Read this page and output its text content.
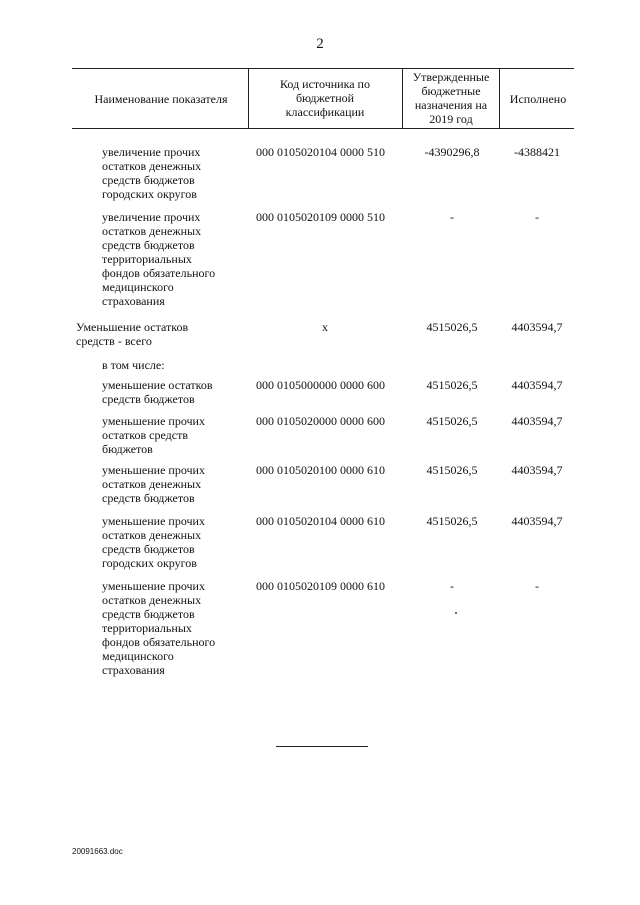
2
Наименование показателя
Код источника по бюджетной классификации
Утвержденные бюджетные назначения на 2019 год
Исполнено
увеличение прочих остатков денежных средств бюджетов городских округов
000 0105020104 0000 510	-4390296,8	-4388421
увеличение прочих остатков денежных средств бюджетов территориальных фондов обязательного медицинского страхования
000 0105020109 0000 510	-	-
Уменьшение остатков средств - всего
х	4515026,5	4403594,7
в том числе:
уменьшение остатков средств бюджетов
000 0105000000 0000 600	4515026,5	4403594,7
уменьшение прочих остатков средств бюджетов
000 0105020000 0000 600	4515026,5	4403594,7
уменьшение прочих остатков денежных средств бюджетов
000 0105020100 0000 610	4515026,5	4403594,7
уменьшение прочих остатков денежных средств бюджетов городских округов
000 0105020104 0000 610	4515026,5	4403594,7
уменьшение прочих остатков денежных средств бюджетов территориальных фондов обязательного медицинского страхования
000 0105020109 0000 610	-	-
20091663.doc
